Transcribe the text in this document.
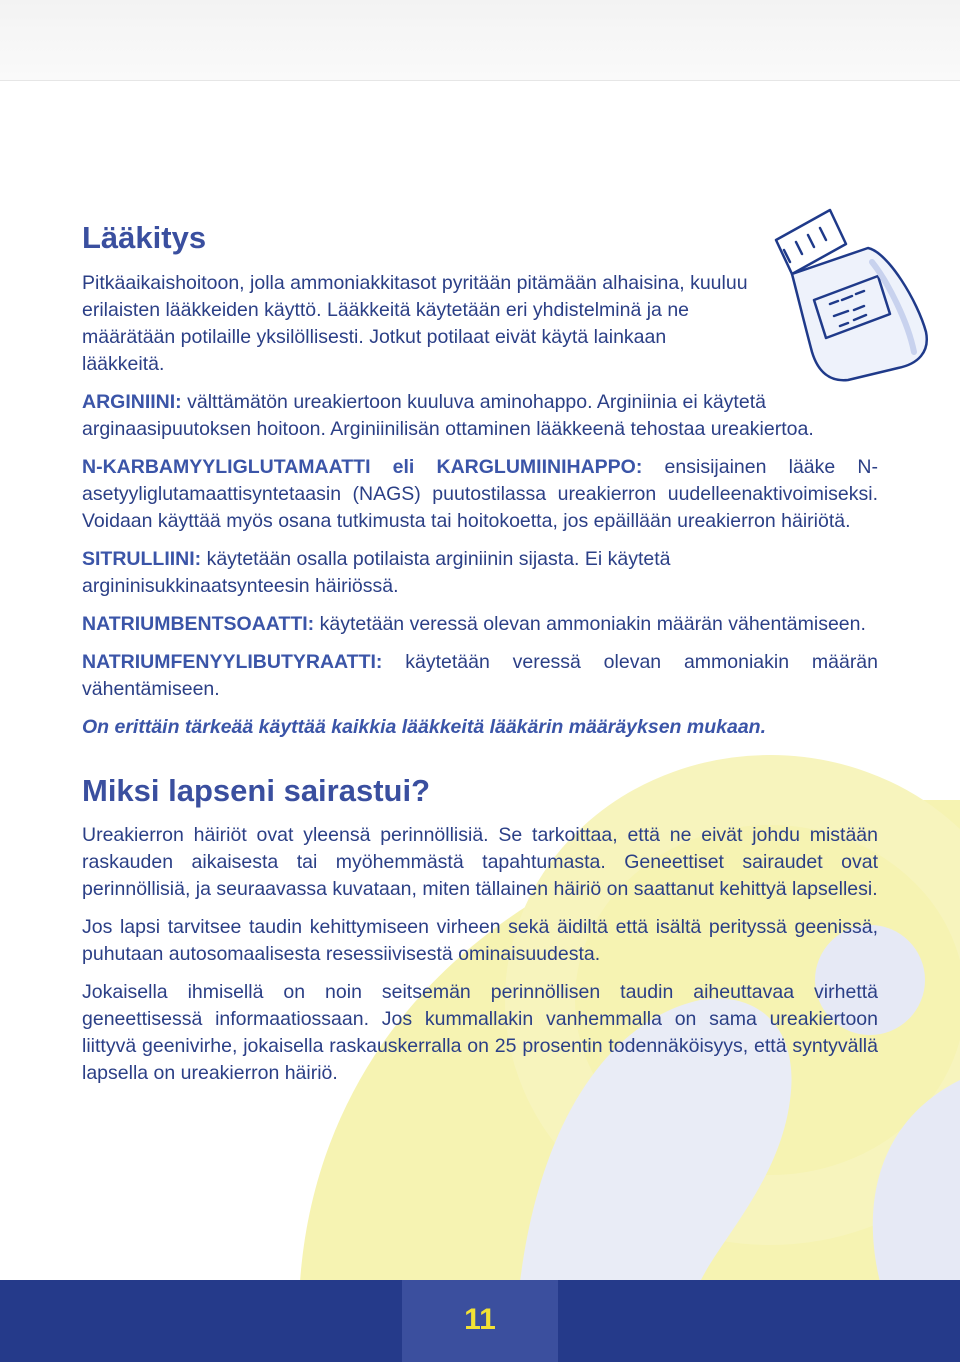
Lääkitys

Pitkäaikaishoitoon, jolla ammoniakkitasot pyritään pitämään alhaisina, kuuluu erilaisten lääkkeiden käyttö. Lääkkeitä käytetään eri yhdistelminä ja ne määrätään potilaille yksilöllisesti. Jotkut potilaat eivät käytä lainkaan lääkkeitä.

ARGINIINI: välttämätön ureakiertoon kuuluva aminohappo. Arginiinia ei käytetä arginaasipuutoksen hoitoon. Arginiinilisän ottaminen lääkkeenä tehostaa ureakiertoa.

N-KARBAMYYLIGLUTAMAATTI eli KARGLUMIINIHAPPO: ensisijainen lääke N-asetyyliglutamaattisyntetaasin (NAGS) puutostilassa ureakierron uudelleenaktivoimiseksi. Voidaan käyttää myös osana tutkimusta tai hoitokoetta, jos epäillään ureakierron häiriötä.

SITRULLIINI: käytetään osalla potilaista arginiinin sijasta. Ei käytetä argininisukkinaatsynteesin häiriössä.

NATRIUMBENTSOAATTI: käytetään veressä olevan ammoniakin määrän vähentämiseen.

NATRIUMFENYYLIBUTYRAATTI: käytetään veressä olevan ammoniakin määrän vähentämiseen.

On erittäin tärkeää käyttää kaikkia lääkkeitä lääkärin määräyksen mukaan.

Miksi lapseni sairastui?

Ureakierron häiriöt ovat yleensä perinnöllisiä. Se tarkoittaa, että ne eivät johdu mistään raskauden aikaisesta tai myöhemmästä tapahtumasta. Geneettiset sairaudet ovat perinnöllisiä, ja seuraavassa kuvataan, miten tällainen häiriö on saattanut kehittyä lapsellesi.

Jos lapsi tarvitsee taudin kehittymiseen virheen sekä äidiltä että isältä perityssä geenissä, puhutaan autosomaalisesta resessiivisestä ominaisuudesta.

Jokaisella ihmisellä on noin seitsemän perinnöllisen taudin aiheuttavaa virhettä geneettisessä informaatiossaan. Jos kummallakin vanhemmalla on sama ureakiertoon liittyvä geenivirhe, jokaisella raskauskerralla on 25 prosentin todennäköisyys, että syntyvällä lapsella on ureakierron häiriö.

11
